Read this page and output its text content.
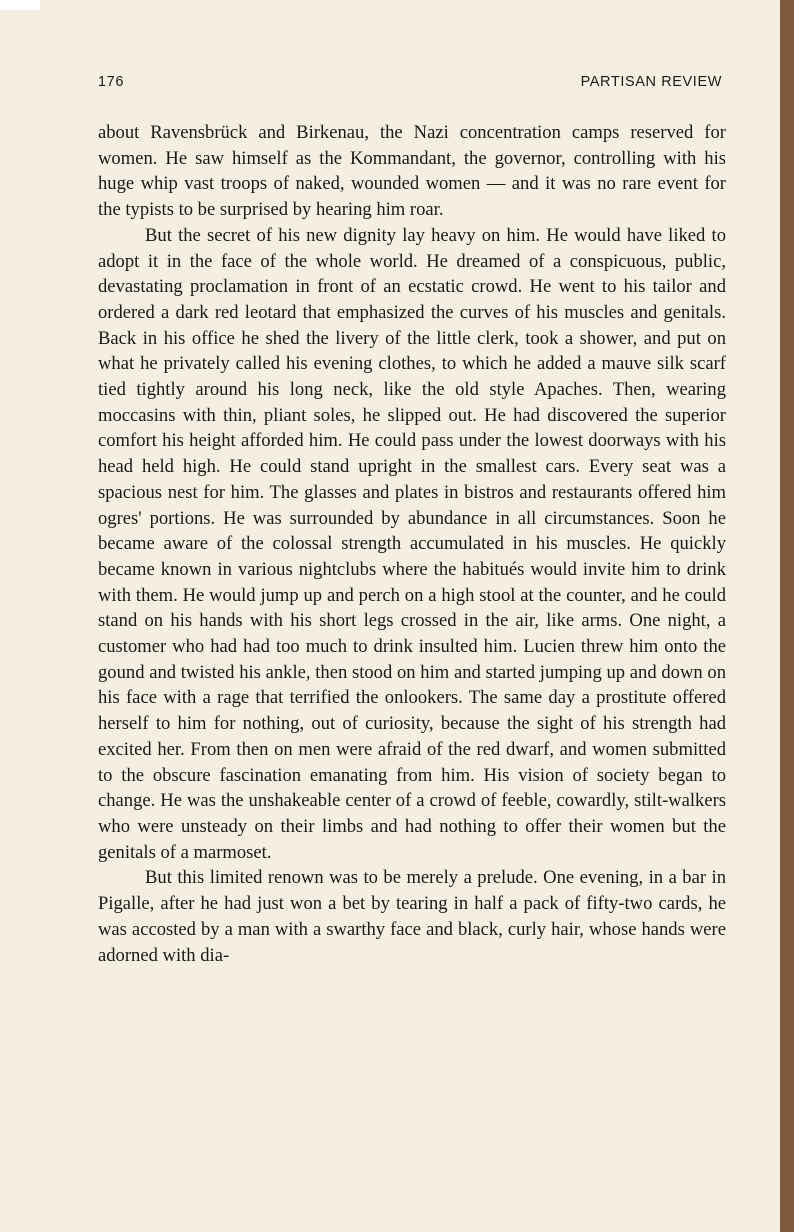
176	PARTISAN REVIEW

about Ravensbrück and Birkenau, the Nazi concentration camps reserved for women. He saw himself as the Kommandant, the governor, controlling with his huge whip vast troops of naked, wounded women — and it was no rare event for the typists to be surprised by hearing him roar.

But the secret of his new dignity lay heavy on him. He would have liked to adopt it in the face of the whole world. He dreamed of a conspicuous, public, devastating proclamation in front of an ecstatic crowd. He went to his tailor and ordered a dark red leotard that emphasized the curves of his muscles and genitals. Back in his office he shed the livery of the little clerk, took a shower, and put on what he privately called his evening clothes, to which he added a mauve silk scarf tied tightly around his long neck, like the old style Apaches. Then, wearing moccasins with thin, pliant soles, he slipped out. He had discovered the superior comfort his height afforded him. He could pass under the lowest doorways with his head held high. He could stand upright in the smallest cars. Every seat was a spacious nest for him. The glasses and plates in bistros and restaurants offered him ogres' portions. He was surrounded by abundance in all circumstances. Soon he became aware of the colossal strength accumulated in his muscles. He quickly became known in various nightclubs where the habitués would invite him to drink with them. He would jump up and perch on a high stool at the counter, and he could stand on his hands with his short legs crossed in the air, like arms. One night, a customer who had had too much to drink insulted him. Lucien threw him onto the gound and twisted his ankle, then stood on him and started jumping up and down on his face with a rage that terrified the onlookers. The same day a prostitute offered herself to him for nothing, out of curiosity, because the sight of his strength had excited her. From then on men were afraid of the red dwarf, and women submitted to the obscure fascination emanating from him. His vision of society began to change. He was the unshakeable center of a crowd of feeble, cowardly, stilt-walkers who were unsteady on their limbs and had nothing to offer their women but the genitals of a marmoset.

But this limited renown was to be merely a prelude. One evening, in a bar in Pigalle, after he had just won a bet by tearing in half a pack of fifty-two cards, he was accosted by a man with a swarthy face and black, curly hair, whose hands were adorned with dia-
